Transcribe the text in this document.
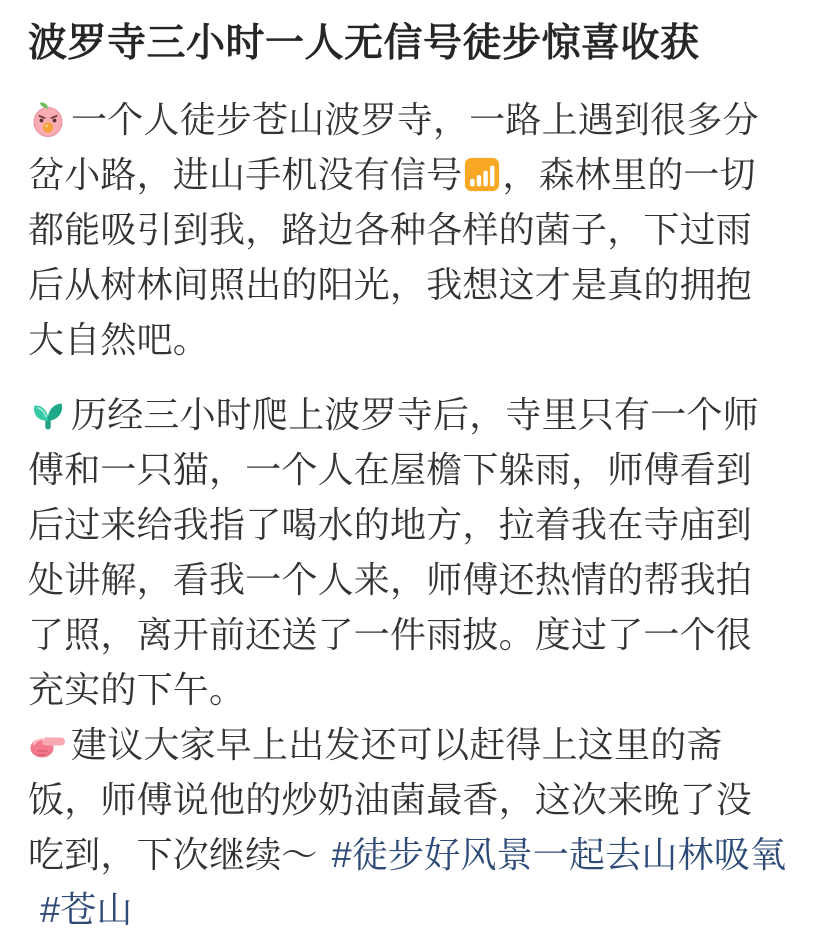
波罗寺三小时一人无信号徒步惊喜收获

一个人徒步苍山波罗寺，一路上遇到很多分岔小路，进山手机没有信号 ，森林里的一切都能吸引到我，路边各种各样的菌子，下过雨后从树林间照出的阳光，我想这才是真的拥抱大自然吧。

历经三小时爬上波罗寺后，寺里只有一个师傅和一只猫，一个人在屋檐下躲雨，师傅看到后过来给我指了喝水的地方，拉着我在寺庙到处讲解，看我一个人来，师傅还热情的帮我拍了照，离开前还送了一件雨披。度过了一个很充实的下午。

建议大家早上出发还可以赶得上这里的斋饭，师傅说他的炒奶油菌最香，这次来晚了没吃到，下次继续～ #徒步好风景一起去山林吸氧#苍山
